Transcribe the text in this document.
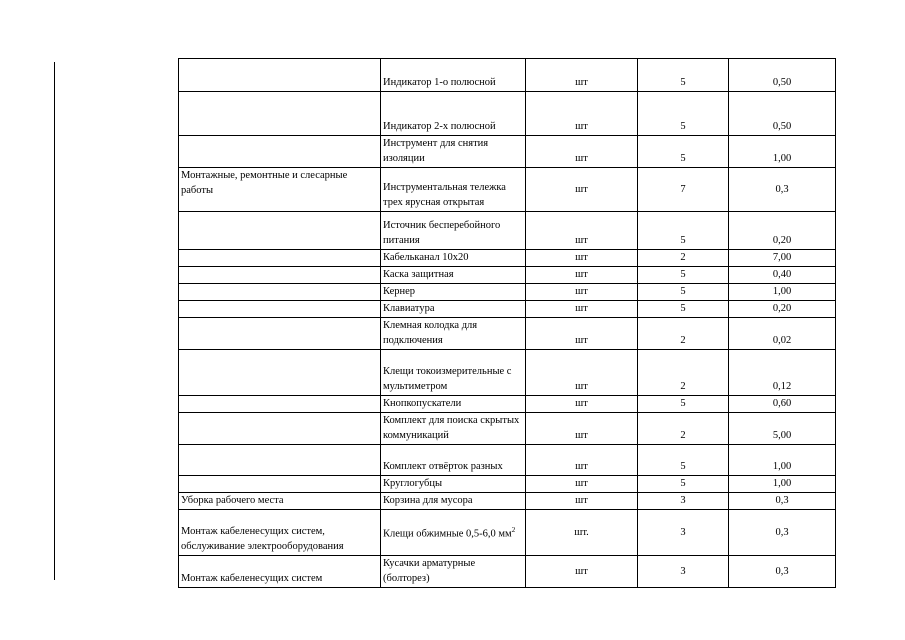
	Индикатор 1-о полюсной	шт	5	0,50
	Индикатор 2-х полюсной	шт	5	0,50
	Инструмент для снятия изоляции	шт	5	1,00
Монтажные, ремонтные и слесарные работы	Инструментальная тележка трех ярусная открытая	шт	7	0,3
	Источник бесперебойного питания	шт	5	0,20
	Кабельканал 10х20	шт	2	7,00
	Каска защитная	шт	5	0,40
	Кернер	шт	5	1,00
	Клавиатура	шт	5	0,20
	Клемная колодка для подключения	шт	2	0,02
	Клещи токоизмерительные с мультиметром	шт	2	0,12
	Кнопкопускатели	шт	5	0,60
	Комплект для поиска скрытых коммуникаций	шт	2	5,00
	Комплект отвёрток разных	шт	5	1,00
	Круглогубцы	шт	5	1,00
Уборка рабочего места	Корзина для мусора	шт	3	0,3
Монтаж кабеленесущих систем, обслуживание электрооборудования	Клещи обжимные 0,5-6,0 $мм^2$	шт.	3	0,3
Монтаж кабеленесущих систем	Кусачки арматурные (болторез)	шт	3	0,3
